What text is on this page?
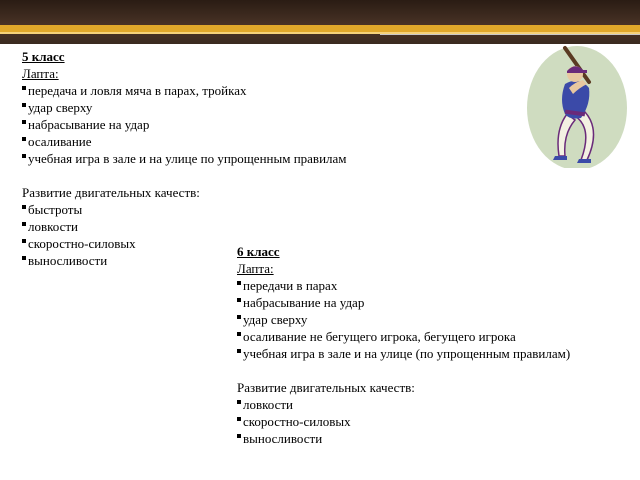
5 класс

Лапта:

передача и ловля мяча в парах, тройках
удар сверху
набрасывание на удар
осаливание
учебная игра в зале и на улице по упрощенным правилам

Развитие двигательных качеств:

быстроты
ловкости
скоростно-силовых
выносливости

6 класс

Лапта:

передачи в парах
набрасывание на удар
удар сверху
осаливание не бегущего игрока, бегущего игрока
учебная игра в зале и на улице (по упрощенным правилам)

Развитие двигательных качеств:

ловкости
скоростно-силовых
выносливости
